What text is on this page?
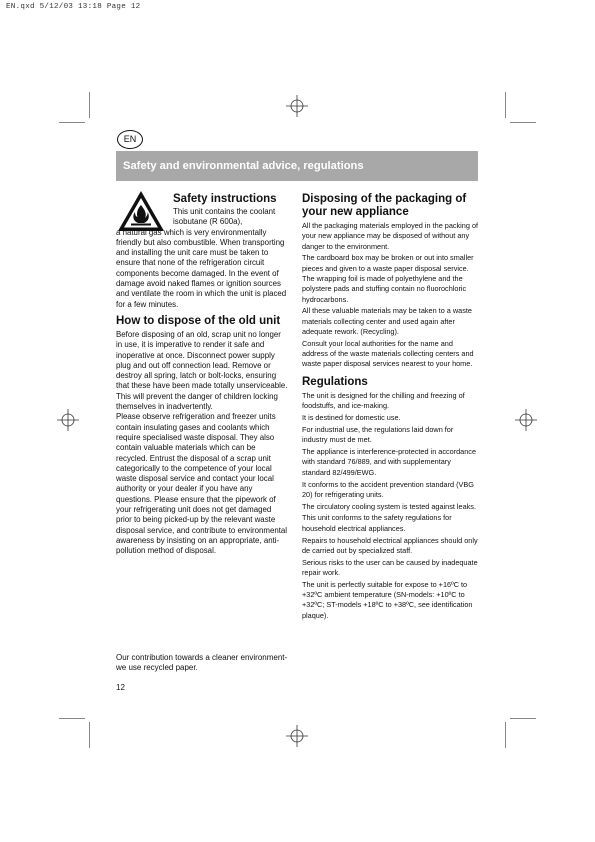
EN.qxd 5/12/03 13:18 Page 12
EN
Safety and environmental advice, regulations
Safety instructions

This unit contains the coolant isobutane (R 600a),

a natural gas which is very environmentally friendly but also combustible. When transporting and installing the unit care must be taken to ensure that none of the refrigeration circuit components become damaged. In the event of damage avoid naked flames or ignition sources and ventilate the room in which the unit is placed for a few minutes.

How to dispose of the old unit

Before disposing of an old, scrap unit no longer in use, it is imperative to render it safe and inoperative at once. Disconnect power supply plug and out off connection lead. Remove or destroy all spring, latch or bolt-locks, ensuring that these have been made totally unserviceable. This will prevent the danger of children locking themselves in inadvertently.

Please observe refrigeration and freezer units contain insulating gases and coolants which require specialised waste disposal. They also contain valuable materials which can be recycled. Entrust the disposal of a scrap unit categorically to the competence of your local waste disposal service and contact your local authority or your dealer if you have any questions. Please ensure that the pipework of your refrigerating unit does not get damaged prior to being picked-up by the relevant waste disposal service, and contribute to environmental awareness by insisting on an appropriate, anti-pollution method of disposal.

Disposing of the packaging of your new appliance

All the packaging materials employed in the packing of your new appliance may be disposed of without any danger to the environment.

The cardboard box may be broken or out into smaller pieces and given to a waste paper disposal service. The wrapping foil is made of polyethylene and the polystere pads and stuffing contain no fluorochloric hydrocarbons.

All these valuable materials may be taken to a waste materials collecting center and used again after adequate rework. (Recycling).

Consult your local authorities for the name and address of the waste materials collecting centers and waste paper disposal services nearest to your home.

Regulations

The unit is designed for the chilling and freezing of foodstuffs, and ice-making.

It is destined for domestic use.

For industrial use, the regulations laid down for industry must de met.

The appliance is interference-protected in accordance with standard 76/889, and with supplementary standard 82/499/EWG.

It conforms to the accident prevention standard (VBG 20) for refrigerating units.

The circulatory cooling system is tested against leaks.

This unit conforms to the safety regulations for household electrical appliances.

Repairs to household electrical appliances should only de carried out by specialized staff.

Serious risks to the user can be caused by inadequate repair work.

The unit is perfectly suitable for expose to +16ºC to +32ºC ambient temperature (SN-models: +10ºC to +32ºC; ST-models +18ºC to +38ºC, see identification plaque).

Our contribution towards a cleaner environment- we use recycled paper.
12
